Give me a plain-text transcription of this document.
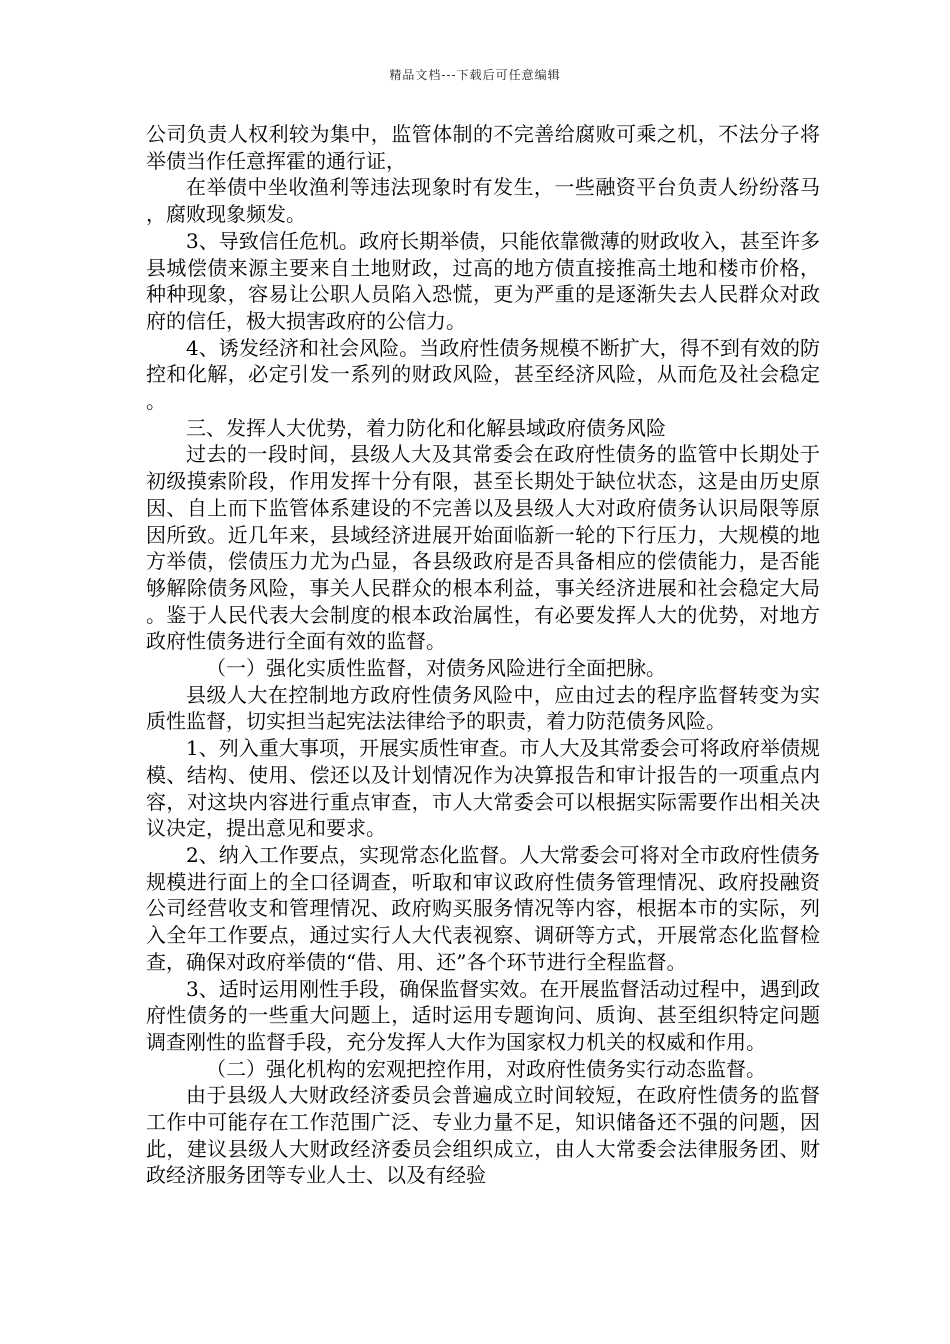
精品文档---下载后可任意编辑

公司负责人权利较为集中，监管体制的不完善给腐败可乘之机，不法分子将举债当作任意挥霍的通行证，

在举债中坐收渔利等违法现象时有发生，一些融资平台负责人纷纷落马，腐败现象频发。

3、导致信任危机。政府长期举债，只能依靠微薄的财政收入，甚至许多县城偿债来源主要来自土地财政，过高的地方债直接推高土地和楼市价格，种种现象，容易让公职人员陷入恐慌，更为严重的是逐渐失去人民群众对政府的信任，极大损害政府的公信力。

4、诱发经济和社会风险。当政府性债务规模不断扩大，得不到有效的防控和化解，必定引发一系列的财政风险，甚至经济风险，从而危及社会稳定。

三、发挥人大优势，着力防化和化解县域政府债务风险

过去的一段时间，县级人大及其常委会在政府性债务的监管中长期处于初级摸索阶段，作用发挥十分有限，甚至长期处于缺位状态，这是由历史原因、自上而下监管体系建设的不完善以及县级人大对政府债务认识局限等原因所致。近几年来，县域经济进展开始面临新一轮的下行压力，大规模的地方举债，偿债压力尤为凸显，各县级政府是否具备相应的偿债能力，是否能够解除债务风险，事关人民群众的根本利益，事关经济进展和社会稳定大局。鉴于人民代表大会制度的根本政治属性，有必要发挥人大的优势，对地方政府性债务进行全面有效的监督。

（一）强化实质性监督，对债务风险进行全面把脉。

县级人大在控制地方政府性债务风险中，应由过去的程序监督转变为实质性监督，切实担当起宪法法律给予的职责，着力防范债务风险。

1、列入重大事项，开展实质性审查。市人大及其常委会可将政府举债规模、结构、使用、偿还以及计划情况作为决算报告和审计报告的一项重点内容，对这块内容进行重点审查，市人大常委会可以根据实际需要作出相关决议决定，提出意见和要求。

2、纳入工作要点，实现常态化监督。人大常委会可将对全市政府性债务规模进行面上的全口径调查，听取和审议政府性债务管理情况、政府投融资公司经营收支和管理情况、政府购买服务情况等内容，根据本市的实际，列入全年工作要点，通过实行人大代表视察、调研等方式，开展常态化监督检查，确保对政府举债的“借、用、还”各个环节进行全程监督。

3、适时运用刚性手段，确保监督实效。在开展监督活动过程中，遇到政府性债务的一些重大问题上，适时运用专题询问、质询、甚至组织特定问题调查刚性的监督手段，充分发挥人大作为国家权力机关的权威和作用。

（二）强化机构的宏观把控作用，对政府性债务实行动态监督。

由于县级人大财政经济委员会普遍成立时间较短，在政府性债务的监督工作中可能存在工作范围广泛、专业力量不足，知识储备还不强的问题，因此，建议县级人大财政经济委员会组织成立，由人大常委会法律服务团、财政经济服务团等专业人士、以及有经验
